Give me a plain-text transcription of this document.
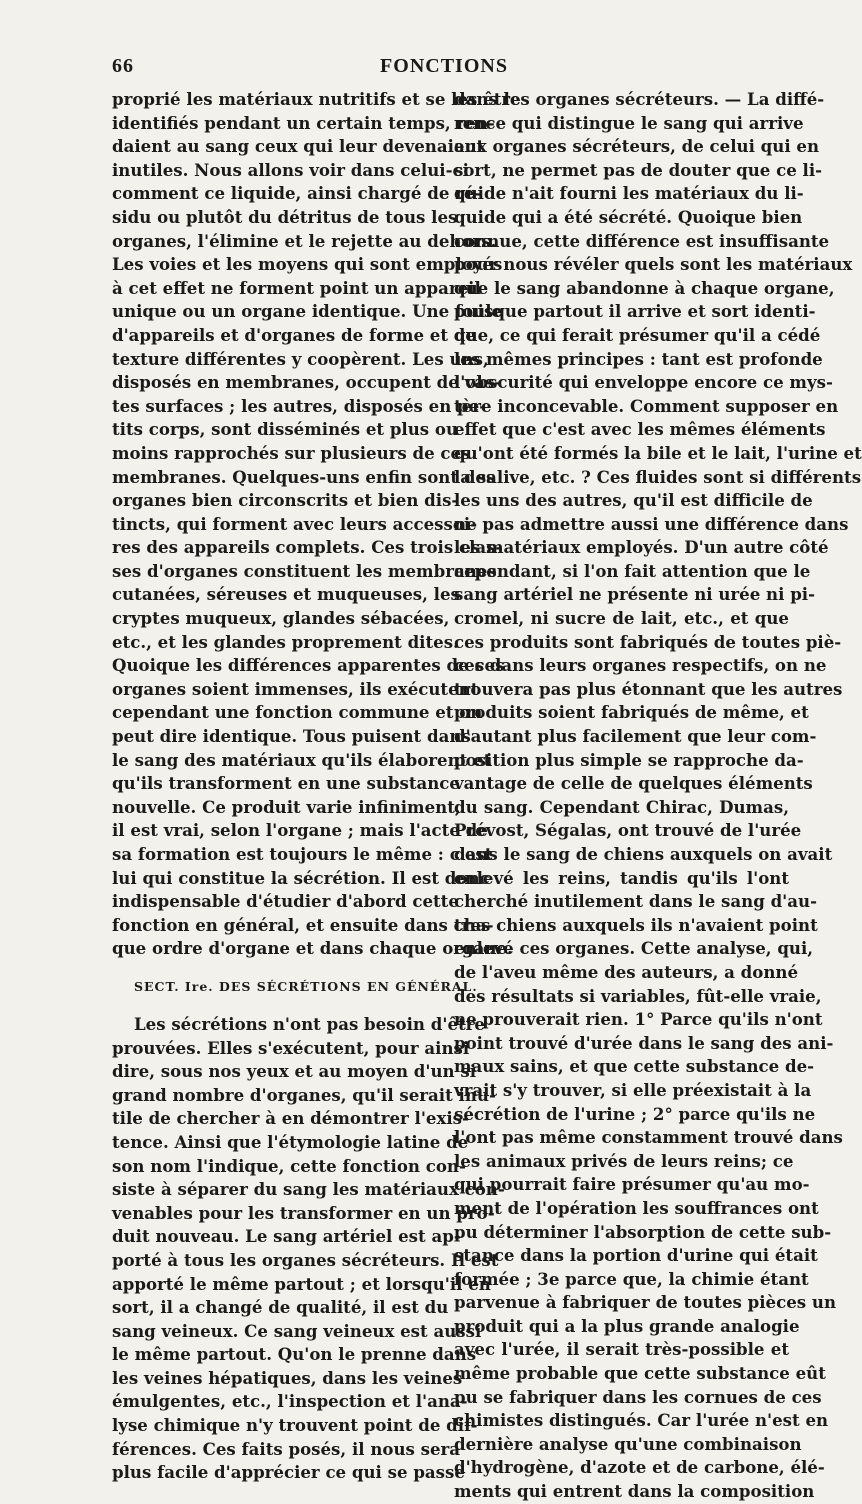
66	FONCTIONS
proprié les matériaux nutritifs et se les être
identifiés pendant un certain temps, ren-
daient au sang ceux qui leur devenaient
inutiles. Nous allons voir dans celui-ci
comment ce liquide, ainsi chargé de ré-
sidu ou plutôt du détritus de tous les
organes, l'élimine et le rejette au dehors.
Les voies et les moyens qui sont employés
à cet effet ne forment point un appareil
unique ou un organe identique. Une foule
d'appareils et d'organes de forme et de
texture différentes y coopèrent. Les uns,
disposés en membranes, occupent de vas-
tes surfaces ; les autres, disposés en pe-
tits corps, sont disséminés et plus ou
moins rapprochés sur plusieurs de ces
membranes. Quelques-uns enfin sont des
organes bien circonscrits et bien dis-
tincts, qui forment avec leurs accessoi-
res des appareils complets. Ces trois clas-
ses d'organes constituent les membranes
cutanées, séreuses et muqueuses, les
cryptes muqueux, glandes sébacées,
etc., et les glandes proprement dites.
Quoique les différences apparentes de ces
organes soient immenses, ils exécutent
cependant une fonction commune et on
peut dire identique. Tous puisent dans
le sang des matériaux qu'ils élaborent et
qu'ils transforment en une substance
nouvelle. Ce produit varie infiniment,
il est vrai, selon l'organe ; mais l'acte de
sa formation est toujours le même : c'est
lui qui constitue la sécrétion. Il est donc
indispensable d'étudier d'abord cette
fonction en général, et ensuite dans cha-
que ordre d'organe et dans chaque organe.
SECT. Ire. DES SÉCRÉTIONS EN GÉNÉRAL.
Les sécrétions n'ont pas besoin d'être
prouvées. Elles s'exécutent, pour ainsi
dire, sous nos yeux et au moyen d'un si
grand nombre d'organes, qu'il serait inu-
tile de chercher à en démontrer l'exis-
tence. Ainsi que l'étymologie latine de
son nom l'indique, cette fonction con-
siste à séparer du sang les matériaux con-
venables pour les transformer en un pro-
duit nouveau. Le sang artériel est ap-
porté à tous les organes sécréteurs. Il est
apporté le même partout ; et lorsqu'il en
sort, il a changé de qualité, il est du
sang veineux. Ce sang veineux est aussi
le même partout. Qu'on le prenne dans
les veines hépatiques, dans les veines
émulgentes, etc., l'inspection et l'ana-
lyse chimique n'y trouvent point de dif-
férences. Ces faits posés, il nous sera
plus facile d'apprécier ce qui se passe
dans les organes sécréteurs. — La diffé-
rence qui distingue le sang qui arrive
aux organes sécréteurs, de celui qui en
sort, ne permet pas de douter que ce li-
quide n'ait fourni les matériaux du li-
quide qui a été sécrété. Quoique bien
connue, cette différence est insuffisante
pour nous révéler quels sont les matériaux
que le sang abandonne à chaque organe,
puisque partout il arrive et sort identi-
que, ce qui ferait présumer qu'il a cédé
les mêmes principes : tant est profonde
l'obscurité qui enveloppe encore ce mys-
tère inconcevable. Comment supposer en
effet que c'est avec les mêmes éléments
qu'ont été formés la bile et le lait, l'urine et
la salive, etc. ? Ces fluides sont si différents
les uns des autres, qu'il est difficile de
ne pas admettre aussi une différence dans
les matériaux employés. D'un autre côté
cependant, si l'on fait attention que le
sang artériel ne présente ni urée ni pi-
cromel, ni sucre de lait, etc., et que
ces produits sont fabriqués de toutes piè-
ces dans leurs organes respectifs, on ne
trouvera pas plus étonnant que les autres
produits soient fabriqués de même, et
d'autant plus facilement que leur com-
position plus simple se rapproche da-
vantage de celle de quelques éléments
du sang. Cependant Chirac, Dumas,
Prévost, Ségalas, ont trouvé de l'urée
dans le sang de chiens auxquels on avait
enlevé les reins, tandis qu'ils l'ont
cherché inutilement dans le sang d'au-
tres chiens auxquels ils n'avaient point
enlevé ces organes. Cette analyse, qui,
de l'aveu même des auteurs, a donné
des résultats si variables, fût-elle vraie,
ne prouverait rien. 1° Parce qu'ils n'ont
point trouvé d'urée dans le sang des ani-
maux sains, et que cette substance de-
vrait s'y trouver, si elle préexistait à la
sécrétion de l'urine ; 2° parce qu'ils ne
l'ont pas même constamment trouvé dans
les animaux privés de leurs reins; ce
qui pourrait faire présumer qu'au mo-
ment de l'opération les souffrances ont
pu déterminer l'absorption de cette sub-
stance dans la portion d'urine qui était
formée ; 3e parce que, la chimie étant
parvenue à fabriquer de toutes pièces un
produit qui a la plus grande analogie
avec l'urée, il serait très-possible et
même probable que cette substance eût
pu se fabriquer dans les cornues de ces
chimistes distingués. Car l'urée n'est en
dernière analyse qu'une combinaison
d'hydrogène, d'azote et de carbone, élé-
ments qui entrent dans la composition
